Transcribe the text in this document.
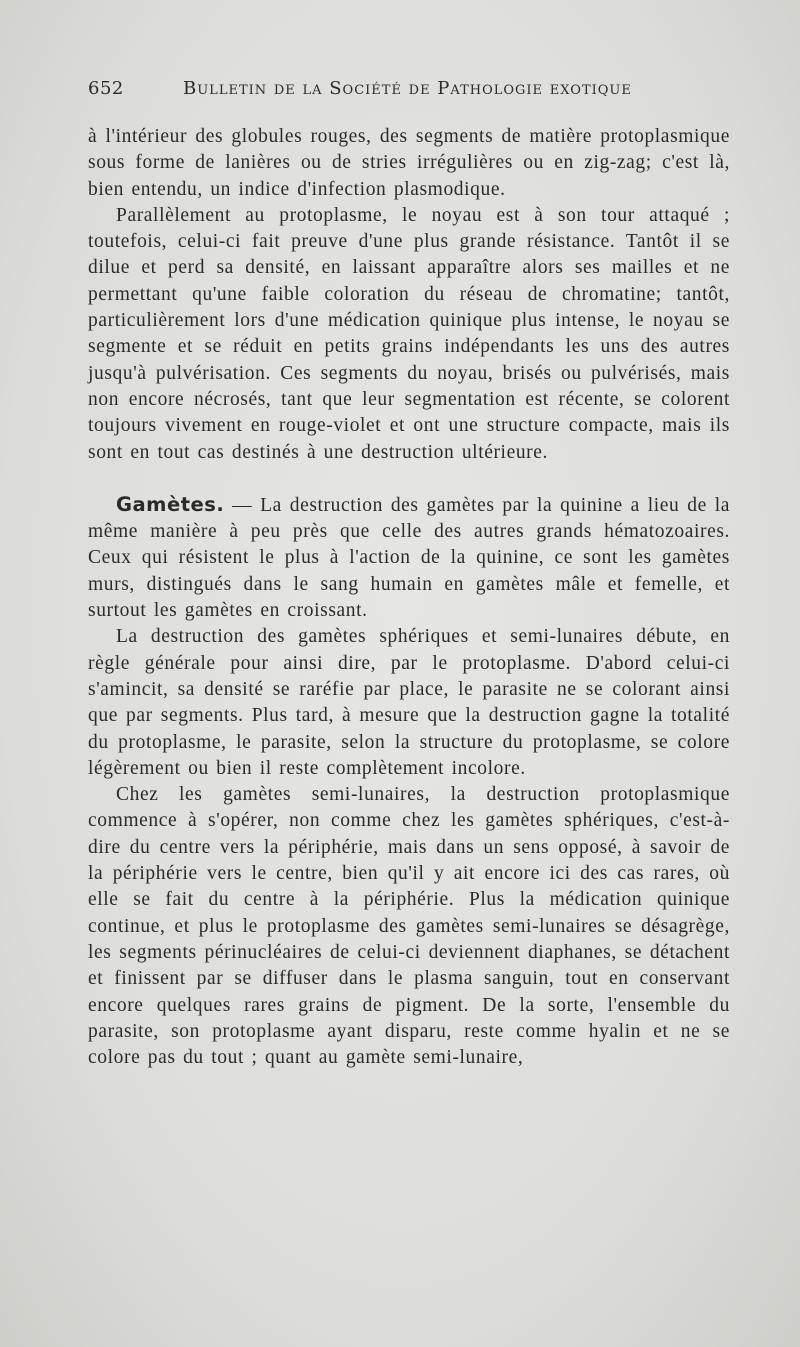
652	Bulletin de la Société de Pathologie exotique

à l'intérieur des globules rouges, des segments de matière protoplasmique sous forme de lanières ou de stries irrégulières ou en zig-zag; c'est là, bien entendu, un indice d'infection plasmodique.

Parallèlement au protoplasme, le noyau est à son tour attaqué ; toutefois, celui-ci fait preuve d'une plus grande résistance. Tantôt il se dilue et perd sa densité, en laissant apparaître alors ses mailles et ne permettant qu'une faible coloration du réseau de chromatine; tantôt, particulièrement lors d'une médication quinique plus intense, le noyau se segmente et se réduit en petits grains indépendants les uns des autres jusqu'à pulvérisation. Ces segments du noyau, brisés ou pulvérisés, mais non encore nécrosés, tant que leur segmentation est récente, se colorent toujours vivement en rouge-violet et ont une structure compacte, mais ils sont en tout cas destinés à une destruction ultérieure.

Gamètes. — La destruction des gamètes par la quinine a lieu de la même manière à peu près que celle des autres grands hématozoaires. Ceux qui résistent le plus à l'action de la quinine, ce sont les gamètes murs, distingués dans le sang humain en gamètes mâle et femelle, et surtout les gamètes en croissant.

La destruction des gamètes sphériques et semi-lunaires débute, en règle générale pour ainsi dire, par le protoplasme. D'abord celui-ci s'amincit, sa densité se raréfie par place, le parasite ne se colorant ainsi que par segments. Plus tard, à mesure que la destruction gagne la totalité du protoplasme, le parasite, selon la structure du protoplasme, se colore légèrement ou bien il reste complètement incolore.

Chez les gamètes semi-lunaires, la destruction protoplasmique commence à s'opérer, non comme chez les gamètes sphériques, c'est-à-dire du centre vers la périphérie, mais dans un sens opposé, à savoir de la périphérie vers le centre, bien qu'il y ait encore ici des cas rares, où elle se fait du centre à la périphérie. Plus la médication quinique continue, et plus le protoplasme des gamètes semi-lunaires se désagrège, les segments périnucléaires de celui-ci deviennent diaphanes, se détachent et finissent par se diffuser dans le plasma sanguin, tout en conservant encore quelques rares grains de pigment. De la sorte, l'ensemble du parasite, son protoplasme ayant disparu, reste comme hyalin et ne se colore pas du tout ; quant au gamète semi-lunaire,
